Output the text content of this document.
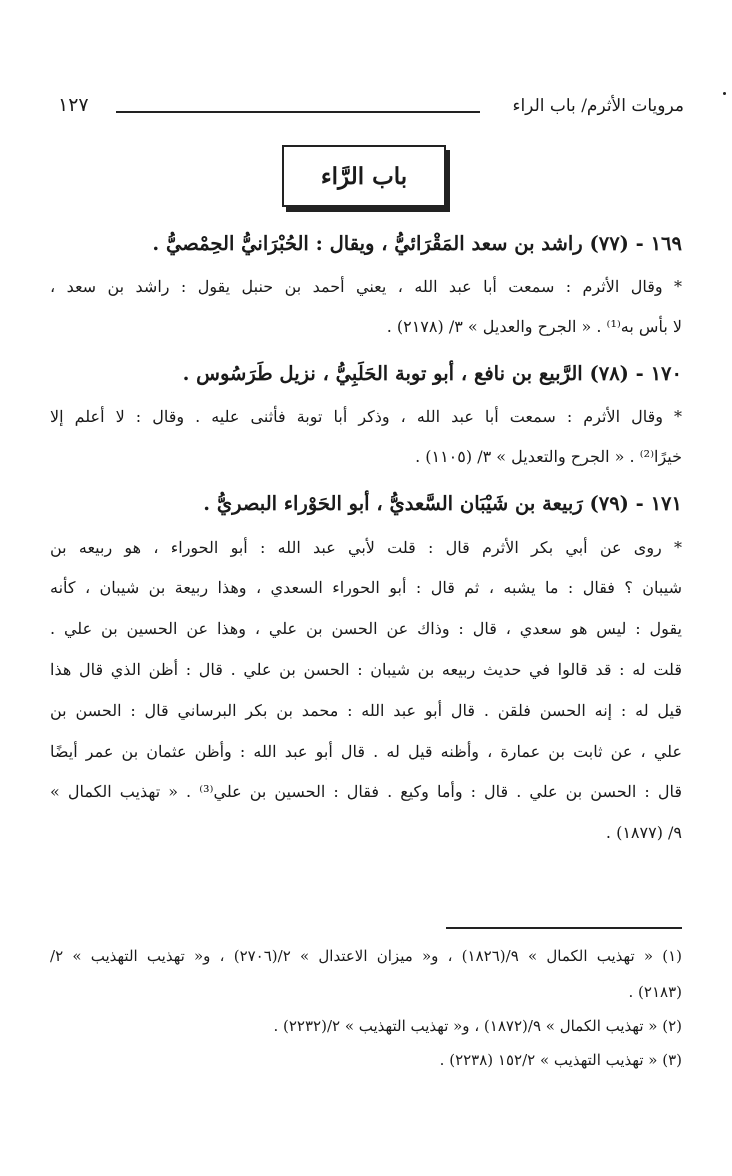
مرويات الأثرم/ باب الراء
١٢٧
باب الرَّاء
١٦٩ - (٧٧) راشد بن سعد المَقْرَائيُّ ، ويقال : الحُبْرَانيُّ الحِمْصيُّ .
* وقال الأثرم : سمعت أبا عبد الله ، يعني أحمد بن حنبل يقول : راشد بن سعد ،
لا بأس به⁽¹⁾ . « الجرح والعديل » ٣/ (٢١٧٨) .
١٧٠ - (٧٨) الرَّبيع بن نافع ، أبو توبة الحَلَبِيُّ ، نزيل طَرَسُوس .
* وقال الأثرم : سمعت أبا عبد الله ، وذكر أبا توبة فأثنى عليه . وقال : لا أعلم إلا
خيرًا⁽²⁾ . « الجرح والتعديل » ٣/ (١١٠٥) .
١٧١ - (٧٩) رَبيعة بن شَيْبَان السَّعديُّ ، أبو الحَوْراء البصريُّ .
* روى عن أبي بكر الأثرم قال : قلت لأبي عبد الله : أبو الحوراء ، هو ربيعه بن
شيبان ؟ فقال : ما يشبه ، ثم قال : أبو الحوراء السعدي ، وهذا ربيعة بن شيبان ، كأنه
يقول : ليس هو سعدي ، قال : وذاك عن الحسن بن علي ، وهذا عن الحسين بن علي .
قلت له : قد قالوا في حديث ربيعه بن شيبان : الحسن بن علي . قال : أظن الذي قال هذا
قيل له : إنه الحسن فلقن . قال أبو عبد الله : محمد بن بكر البرساني قال : الحسن بن
علي ، عن ثابت بن عمارة ، وأظنه قيل له . قال أبو عبد الله : وأظن عثمان بن عمر أيضًا
قال : الحسن بن علي . قال : وأما وكيع . فقال : الحسين بن علي⁽³⁾ . « تهذيب الكمال »
٩/ (١٨٧٧) .
(١) « تهذيب الكمال » ٩/(١٨٢٦) ، و« ميزان الاعتدال » ٢/(٢٧٠٦) ، و« تهذيب التهذيب » ٢/
(٢١٨٣) .
(٢) « تهذيب الكمال » ٩/(١٨٧٢) ، و« تهذيب التهذيب » ٢/(٢٢٣٢) .
(٣) « تهذيب التهذيب » ١٥٢/٢ (٢٢٣٨) .
